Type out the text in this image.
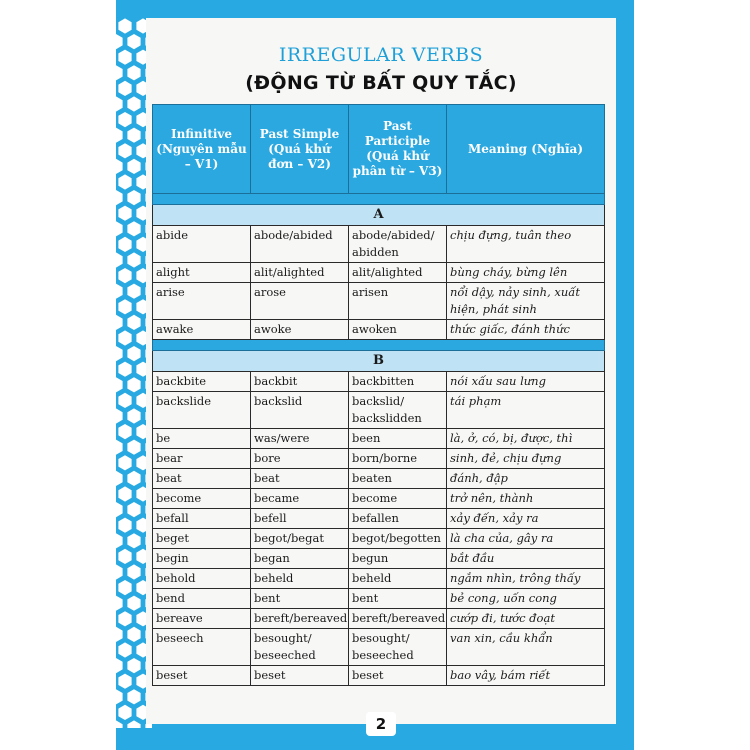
IRREGULAR VERBS
(ĐỘNG TỪ BẤT QUY TẮC)
Infinitive (Nguyên mẫu – V1)	Past Simple (Quá khứ đơn – V2)	Past Participle (Quá khứ phân từ – V3)	Meaning (Nghĩa)

A			
abide	abode/abided	abode/abided/ abidden	chịu đựng, tuân theo
alight	alit/alighted	alit/alighted	bùng cháy, bừng lên
arise	arose	arisen	nổi dậy, nảy sinh, xuất hiện, phát sinh
awake	awoke	awoken	thức giấc, đánh thức

B			
backbite	backbit	backbitten	nói xấu sau lưng
backslide	backslid	backslid/ backslidden	tái phạm
be	was/were	been	là, ở, có, bị, được, thì
bear	bore	born/borne	sinh, đẻ, chịu đựng
beat	beat	beaten	đánh, đập
become	became	become	trở nên, thành
befall	befell	befallen	xảy đến, xảy ra
beget	begot/begat	begot/begotten	là cha của, gây ra
begin	began	begun	bắt đầu
behold	beheld	beheld	ngắm nhìn, trông thấy
bend	bent	bent	bẻ cong, uốn cong
bereave	bereft/bereaved	bereft/bereaved	cướp đi, tước đoạt
beseech	besought/ beseeched	besought/ beseeched	van xin, cầu khẩn
beset	beset	beset	bao vây, bám riết
2
